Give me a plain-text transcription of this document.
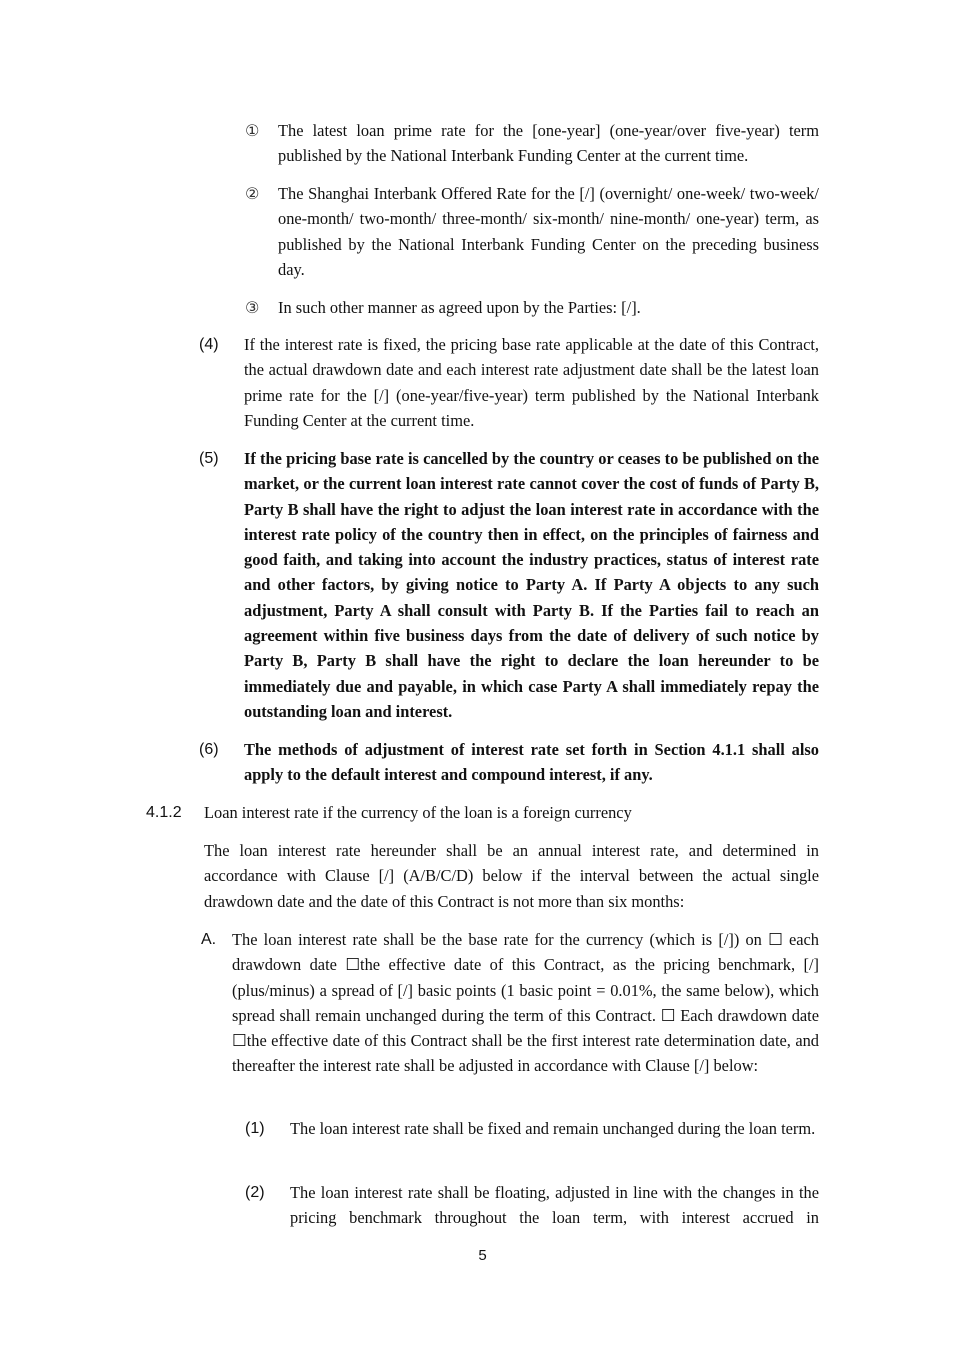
① The latest loan prime rate for the [one-year] (one-year/over five-year) term published by the National Interbank Funding Center at the current time.

② The Shanghai Interbank Offered Rate for the [/] (overnight/ one-week/ two-week/ one-month/ two-month/ three-month/ six-month/ nine-month/ one-year) term, as published by the National Interbank Funding Center on the preceding business day.

③ In such other manner as agreed upon by the Parties: [/].

(4) If the interest rate is fixed, the pricing base rate applicable at the date of this Contract, the actual drawdown date and each interest rate adjustment date shall be the latest loan prime rate for the [/] (one-year/five-year) term published by the National Interbank Funding Center at the current time.

(5) If the pricing base rate is cancelled by the country or ceases to be published on the market, or the current loan interest rate cannot cover the cost of funds of Party B, Party B shall have the right to adjust the loan interest rate in accordance with the interest rate policy of the country then in effect, on the principles of fairness and good faith, and taking into account the industry practices, status of interest rate and other factors, by giving notice to Party A. If Party A objects to any such adjustment, Party A shall consult with Party B. If the Parties fail to reach an agreement within five business days from the date of delivery of such notice by Party B, Party B shall have the right to declare the loan hereunder to be immediately due and payable, in which case Party A shall immediately repay the outstanding loan and interest.

(6) The methods of adjustment of interest rate set forth in Section 4.1.1 shall also apply to the default interest and compound interest, if any.

4.1.2 Loan interest rate if the currency of the loan is a foreign currency

The loan interest rate hereunder shall be an annual interest rate, and determined in accordance with Clause [/] (A/B/C/D) below if the interval between the actual single drawdown date and the date of this Contract is not more than six months:

A. The loan interest rate shall be the base rate for the currency (which is [/]) on ☐ each drawdown date ☐the effective date of this Contract, as the pricing benchmark, [/] (plus/minus) a spread of [/] basic points (1 basic point = 0.01%, the same below), which spread shall remain unchanged during the term of this Contract. ☐ Each drawdown date ☐the effective date of this Contract shall be the first interest rate determination date, and thereafter the interest rate shall be adjusted in accordance with Clause [/] below:

(1) The loan interest rate shall be fixed and remain unchanged during the loan term.

(2) The loan interest rate shall be floating, adjusted in line with the changes in the pricing benchmark throughout the loan term, with interest accrued in

5
